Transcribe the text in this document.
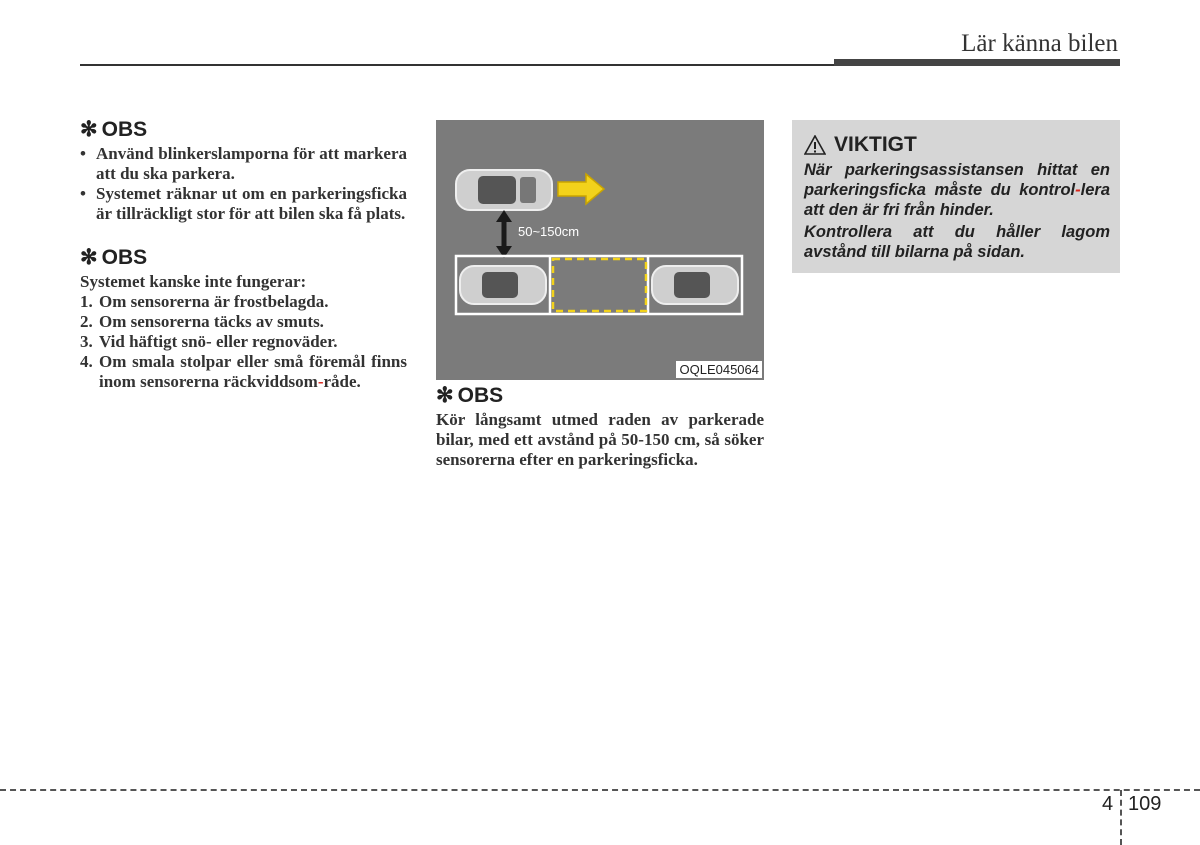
Lär känna bilen
✻ OBS
• Använd blinkerslamporna för att markera att du ska parkera.
• Systemet räknar ut om en parkeringsficka är tillräckligt stor för att bilen ska få plats.
✻ OBS
Systemet kanske inte fungerar:
1. Om sensorerna är frostbelagda.
2. Om sensorerna täcks av smuts.
3. Vid häftigt snö- eller regnoväder.
4. Om smala stolpar eller små föremål finns inom sensorerna räckviddsom-råde.
50~150cm
OQLE045064
✻ OBS
Kör långsamt utmed raden av parkerade bilar, med ett avstånd på 50-150 cm, så söker sensorerna efter en parkeringsficka.
VIKTIGT
När parkeringsassistansen hittat en parkeringsficka måste du kontrol-lera att den är fri från hinder.
Kontrollera att du håller lagom avstånd till bilarna på sidan.
4 109
